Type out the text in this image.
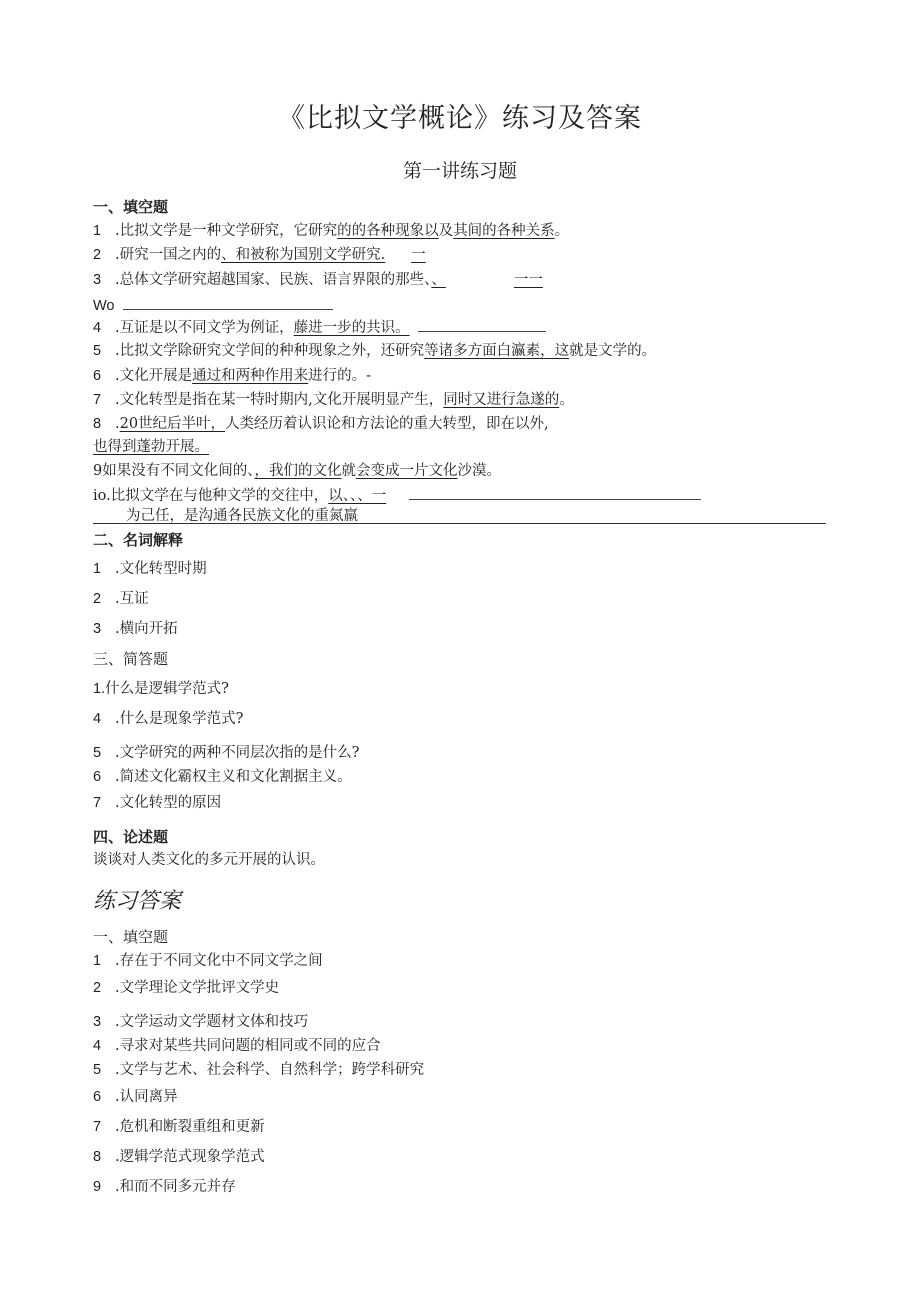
《比拟文学概论》练习及答案
第一讲练习题
一、填空题
1 .比拟文学是一种文学研究，它研究的的各种现象以及其间的各种关系。
2 .研究一国之内的、和被称为国别文学研究. 一
3 .总体文学研究超越国家、民族、语言界限的那些、、	一一
Wo
4 .互证是以不同文学为例证，藤进一步的共识。
5 .比拟文学除研究文学间的种种现象之外，还研究等诸多方面白瀛素，这就是文学的。
6 .文化开展是通过和两种作用来进行的。-
7 .文化转型是指在某一特时期内,文化开展明显产生，同时又进行急遂的。
8 .20世纪后半叶，人类经历着认识论和方法论的重大转型，即在以外,
也得到蓬勃开展。
9如果没有不同文化间的、，我们的文化就会变成一片文化沙漠。
io.比拟文学在与他种文学的交往中，以、、、一
为己任，是沟通各民族文化的重氮羸
二、名词解释
1 .文化转型时期
2 .互证
3 .横向开拓
三、简答题
1.什么是逻辑学范式?
4 .什么是现象学范式?
5 .文学研究的两种不同层次指的是什么?
6 .简述文化霸权主义和文化割据主义。
7 .文化转型的原因
四、论述题
谈谈对人类文化的多元开展的认识。
练习答案
一、填空题
1 .存在于不同文化中不同文学之间
2 .文学理论文学批评文学史
3 .文学运动文学题材文体和技巧
4 .寻求对某些共同问题的相同或不同的应合
5 .文学与艺术、社会科学、自然科学；跨学科研究
6 .认同离异
7 .危机和断裂重组和更新
8 .逻辑学范式现象学范式
9 .和而不同多元并存
